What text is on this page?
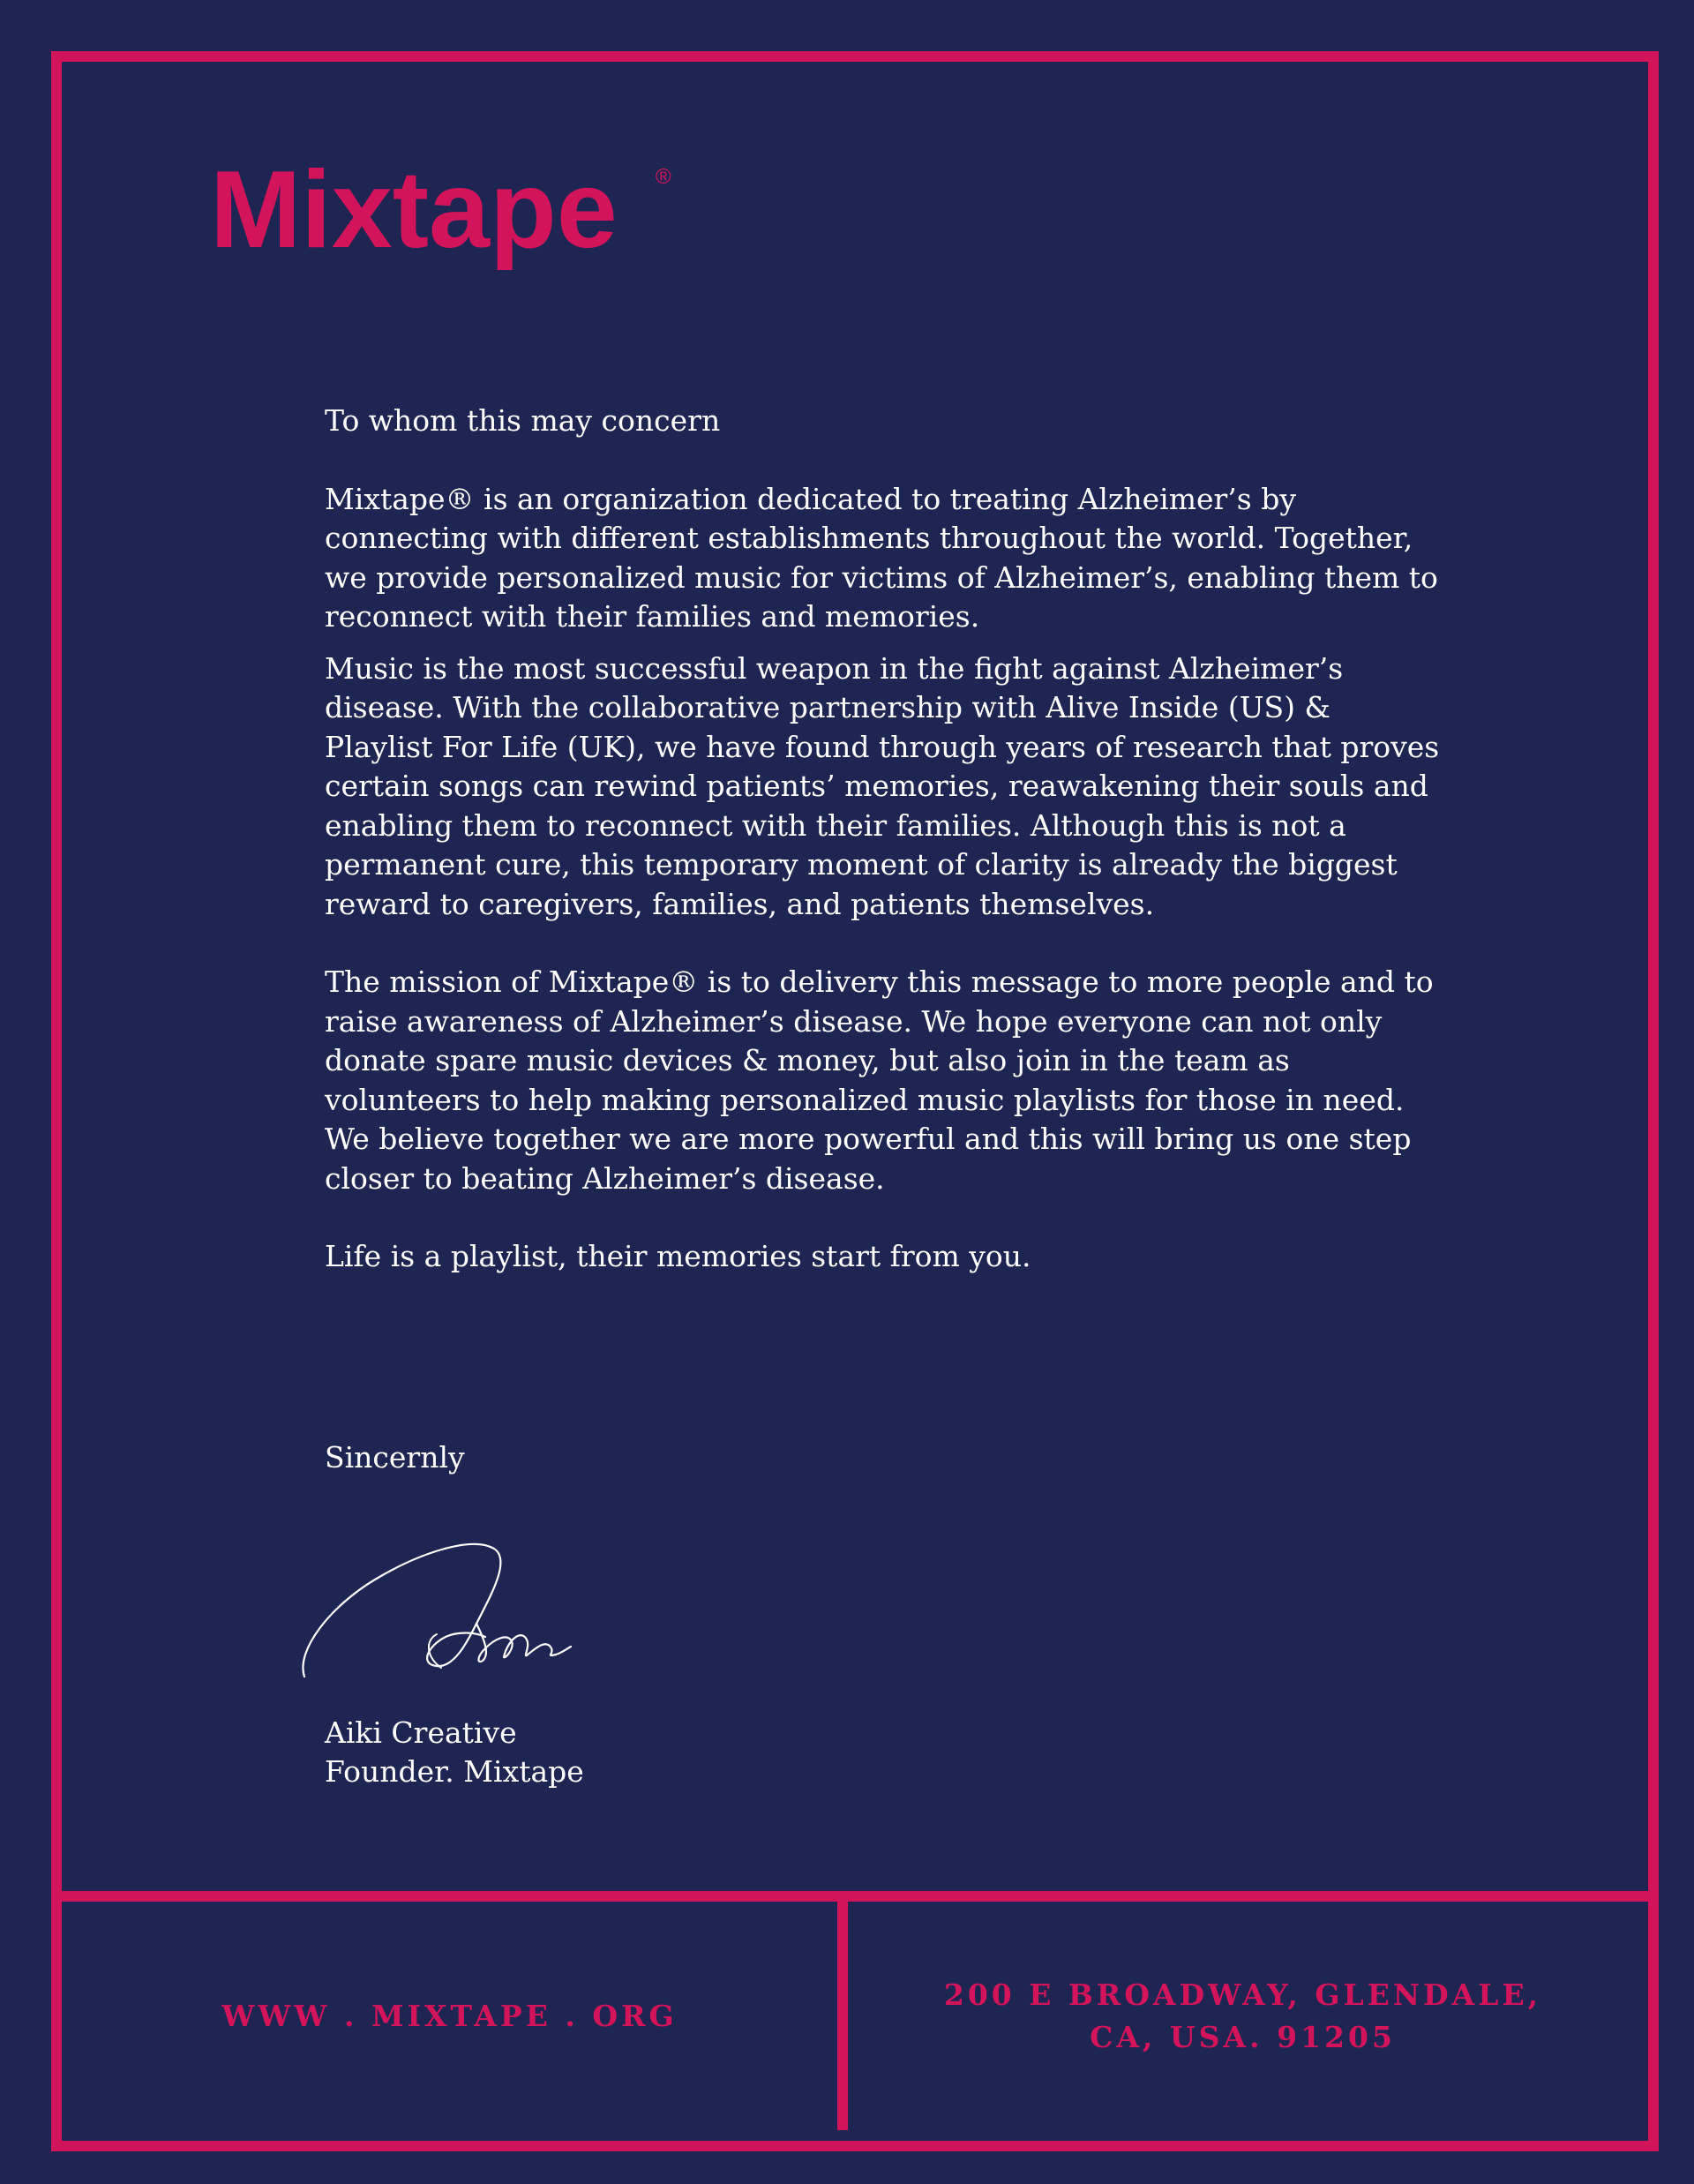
Mixtape ®

To whom this may concern

Mixtape® is an organization dedicated to treating Alzheimer’s by connecting with different establishments throughout the world. Together, we provide personalized music for victims of Alzheimer’s, enabling them to reconnect with their families and memories.

Music is the most successful weapon in the fight against Alzheimer’s disease. With the collaborative partnership with Alive Inside (US) & Playlist For Life (UK), we have found through years of research that proves certain songs can rewind patients’ memories, reawakening their souls and enabling them to reconnect with their families. Although this is not a permanent cure, this temporary moment of clarity is already the biggest reward to caregivers, families, and patients themselves.

The mission of Mixtape® is to delivery this message to more people and to raise awareness of Alzheimer’s disease. We hope everyone can not only donate spare music devices & money, but also join in the team as volunteers to help making personalized music playlists for those in need. We believe together we are more powerful and this will bring us one step closer to beating Alzheimer’s disease.

Life is a playlist, their memories start from you.

Sincernly
Aiki Creative
Founder. Mixtape
WWW . MIXTAPE . ORG
200 E BROADWAY, GLENDALE,
CA, USA. 91205
